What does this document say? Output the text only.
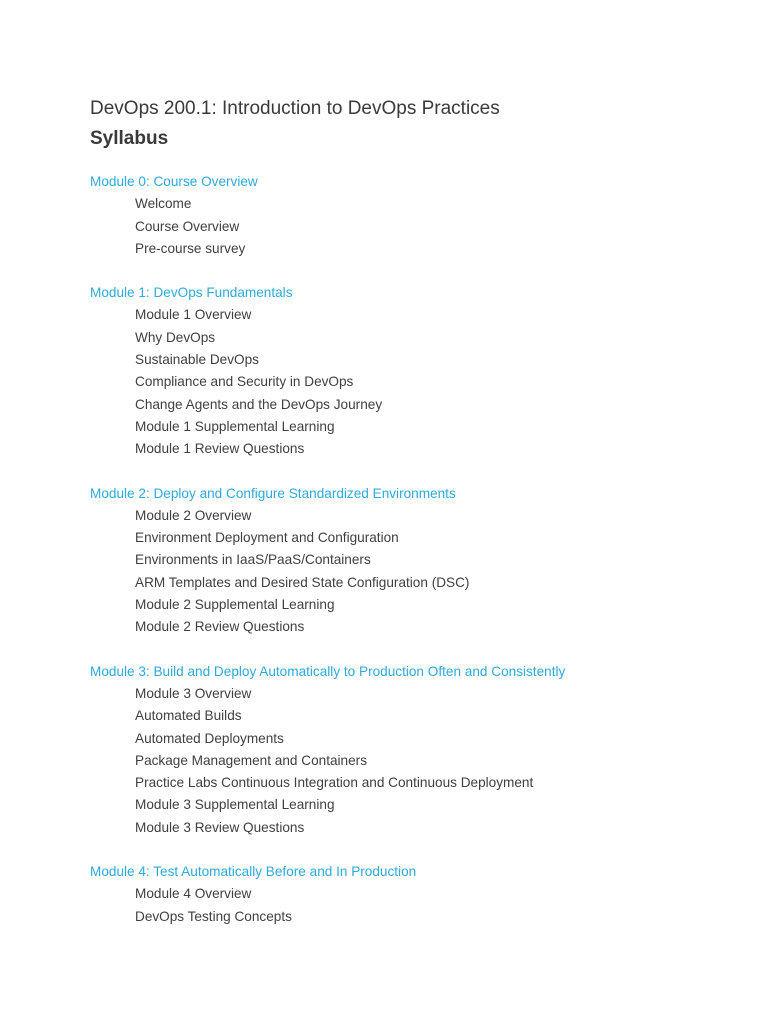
DevOps 200.1: Introduction to DevOps Practices
Syllabus

Module 0: Course Overview

Welcome
Course Overview
Pre-course survey

Module 1: DevOps Fundamentals

Module 1 Overview
Why DevOps
Sustainable DevOps
Compliance and Security in DevOps
Change Agents and the DevOps Journey
Module 1 Supplemental Learning
Module 1 Review Questions

Module 2: Deploy and Configure Standardized Environments

Module 2 Overview
Environment Deployment and Configuration
Environments in IaaS/PaaS/Containers
ARM Templates and Desired State Configuration (DSC)
Module 2 Supplemental Learning
Module 2 Review Questions

Module 3: Build and Deploy Automatically to Production Often and Consistently

Module 3 Overview
Automated Builds
Automated Deployments
Package Management and Containers
Practice Labs Continuous Integration and Continuous Deployment
Module 3 Supplemental Learning
Module 3 Review Questions

Module 4: Test Automatically Before and In Production

Module 4 Overview
DevOps Testing Concepts
